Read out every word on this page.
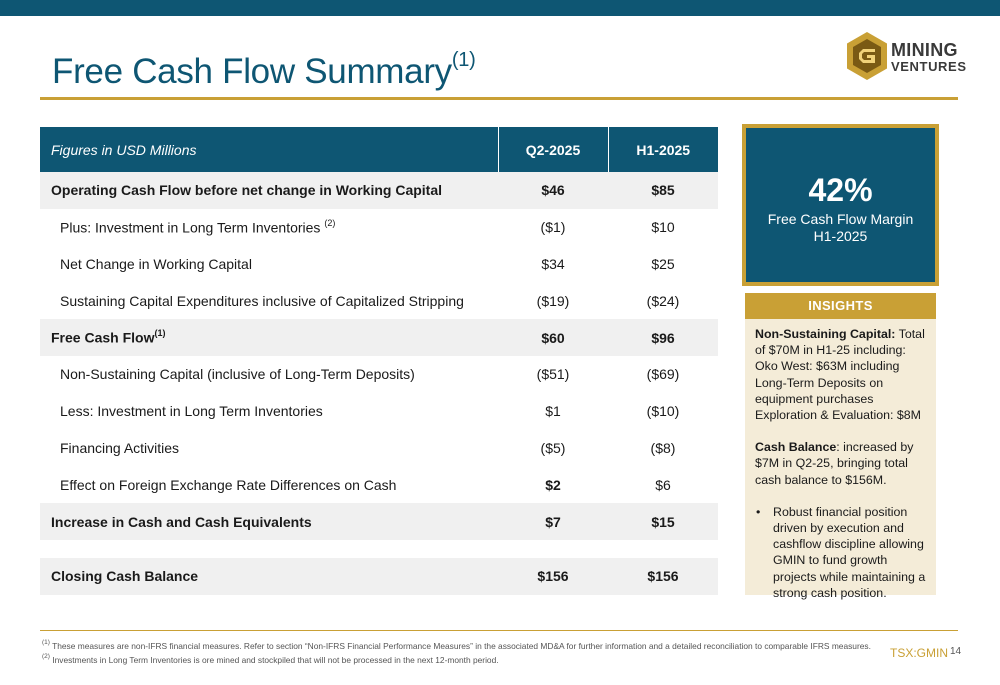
Free Cash Flow Summary$^{(1)}$	MINING
VENTURES
Figures in USD Millions	Q2-2025	H1-2025
Operating Cash Flow before net change in Working Capital	$46	$85
Plus: Investment in Long Term Inventories $^{(2)}$	($1)	$10
Net Change in Working Capital	$34	$25
Sustaining Capital Expenditures inclusive of Capitalized Stripping	($19)	($24)
Free Cash Flow$^{(1)}$	$60	$96
Non-Sustaining Capital (inclusive of Long-Term Deposits)	($51)	($69)
Less: Investment in Long Term Inventories	$1	($10)
Financing Activities	($5)	($8)
Effect on Foreign Exchange Rate Differences on Cash	$2	$6
Increase in Cash and Cash Equivalents	$7	$15

Closing Cash Balance	$156	$156
42%
Free Cash Flow Margin
H1-2025
INSIGHTS

Non-Sustaining Capital: Total of $70M in H1-25 including: Oko West: $63M including Long-Term Deposits on equipment purchases Exploration & Evaluation: $8M

Cash Balance: increased by $7M in Q2-25, bringing total cash balance to $156M.

• Robust financial position driven by execution and cashflow discipline allowing GMIN to fund growth projects while maintaining a strong cash position.
$^{(1)}$ These measures are non-IFRS financial measures. Refer to section “Non-IFRS Financial Performance Measures” in the associated MD&A for further information and a detailed reconciliation to comparable IFRS measures.
$^{(2)}$ Investments in Long Term Inventories is ore mined and stockpiled that will not be processed in the next 12-month period.	TSX:GMIN 14
